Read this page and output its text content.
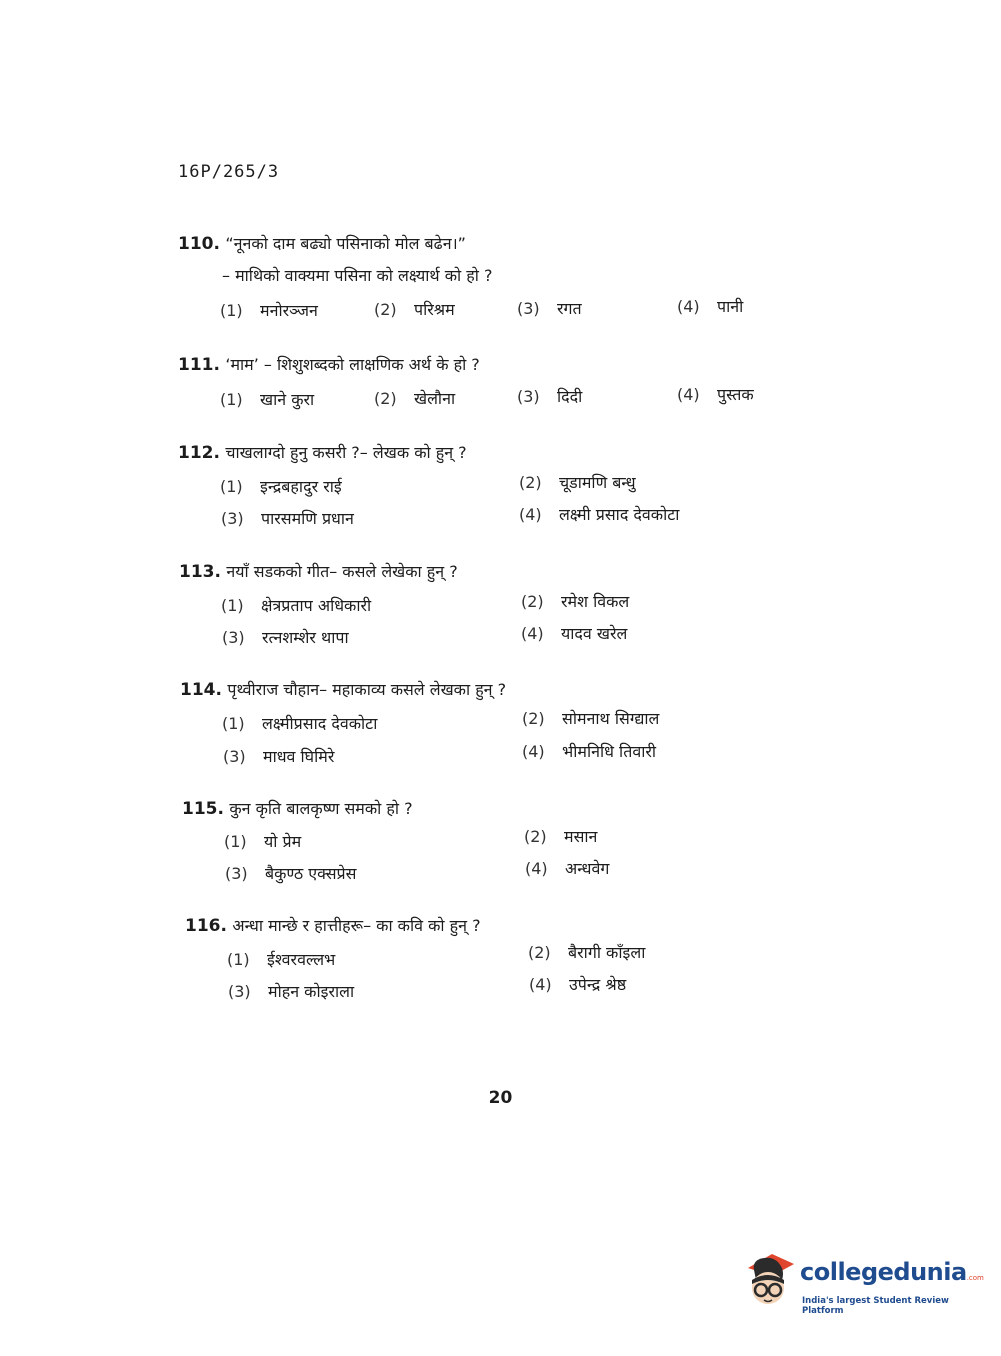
16P/265/3
110. “नूनको दाम बढ्यो पसिनाको मोल बढेन।”
– माथिको वाक्यमा पसिना को लक्ष्यार्थ को हो ?
(1) मनोरञ्जन	(2) परिश्रम	(3) रगत	(4) पानी
111. ‘माम’ – शिशुशब्दको लाक्षणिक अर्थ के हो ?
(1) खाने कुरा	(2) खेलौना	(3) दिदी	(4) पुस्तक
112. चाखलाग्दो हुनु कसरी ?– लेखक को हुन् ?
(1) इन्द्रबहादुर राई	(2) चूडामणि बन्धु
(3) पारसमणि प्रधान	(4) लक्ष्मी प्रसाद देवकोटा
113. नयाँ सडकको गीत– कसले लेखेका हुन् ?
(1) क्षेत्रप्रताप अधिकारी	(2) रमेश विकल
(3) रत्नशम्शेर थापा	(4) यादव खरेल
114. पृथ्वीराज चौहान– महाकाव्य कसले लेखका हुन् ?
(1) लक्ष्मीप्रसाद देवकोटा	(2) सोमनाथ सिग्द्याल
(3) माधव घिमिरे	(4) भीमनिधि तिवारी
115. कुन कृति बालकृष्ण समको हो ?
(1) यो प्रेम	(2) मसान
(3) बैकुण्ठ एक्सप्रेस	(4) अन्धवेग
116. अन्धा मान्छे र हात्तीहरू– का कवि को हुन् ?
(1) ईश्वरवल्लभ	(2) बैरागी काँइला
(3) मोहन कोइराला	(4) उपेन्द्र श्रेष्ठ
20
collegedunia.com
India's largest Student Review Platform
